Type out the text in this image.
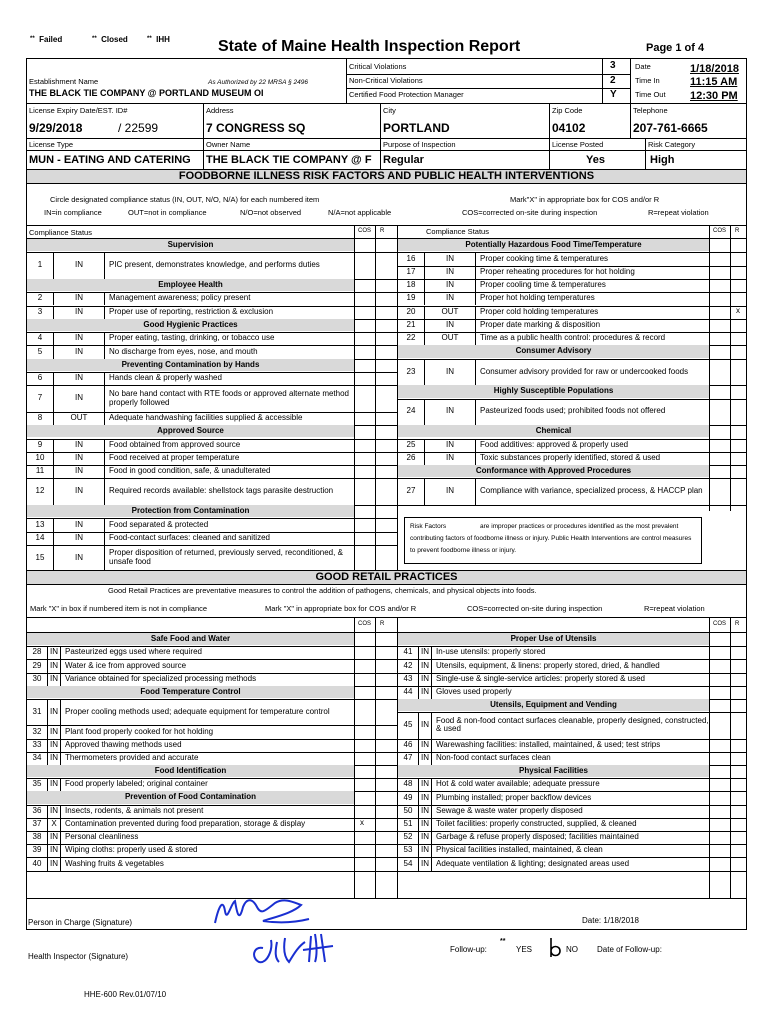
** Failed	** Closed	** IHH	State of Maine Health Inspection Report	Page 1 of 4
Critical Violations	3
Non-Critical Violations	2
Certified Food Protection Manager	Y
Date	1/18/2018
Time In	11:15 AM
Time Out 12:30 PM
Establishment Name	As Authorized by 22 MRSA § 2496
THE BLACK TIE COMPANY @ PORTLAND MUSEUM OI
License Expiry Date/EST. ID#
9/29/2018	/ 22599
Address
7 CONGRESS SQ
City
PORTLAND
Zip Code
04102
Telephone
207-761-6665
License Type
MUN - EATING AND CATERING
Owner Name
THE BLACK TIE COMPANY @ F
Purpose of Inspection
Regular
License Posted
Yes
Risk Category
High
FOODBORNE ILLNESS RISK FACTORS AND PUBLIC HEALTH INTERVENTIONS
Circle designated compliance status (IN, OUT, N/O, N/A) for each numbered item	Mark"X" in appropriate box for COS and/or R
IN=in compliance	OUT=not in compliance	N/O=not observed	N/A=not applicable	COS=corrected on-site during inspection	R=repeat violation
Compliance Status	COS R	Compliance Status	COS R
Supervision
1	IN	PIC present, demonstrates knowledge, and performs duties
Employee Health
2	IN	Management awareness; policy present
3	IN	Proper use of reporting, restriction & exclusion
Good Hygienic Practices
4	IN	Proper eating, tasting, drinking, or tobacco use
5	IN	No discharge from eyes, nose, and mouth
Preventing Contamination by Hands
6	IN	Hands clean & properly washed
7	IN	No bare hand contact with RTE foods or approved alternate method properly followed
8	OUT	Adequate handwashing facilities supplied & accessible
Approved Source
9	IN	Food obtained from approved source
10	IN	Food received at proper temperature
11	IN	Food in good condition, safe, & unadulterated
12	IN	Required records available: shellstock tags parasite destruction
Protection from Contamination
13	IN	Food separated & protected
14	IN	Food-contact surfaces: cleaned and sanitized
15	IN	Proper disposition of returned, previously served, reconditioned, & unsafe food
Potentially Hazardous Food Time/Temperature
16	IN	Proper cooking time & temperatures
17	IN	Proper reheating procedures for hot holding
18	IN	Proper cooling time & temperatures
19	IN	Proper hot holding temperatures
20	OUT	Proper cold holding temperatures	x
21	IN	Proper date marking & disposition
22	OUT	Time as a public health control: procedures & record
Consumer Advisory
23	IN	Consumer advisory provided for raw or undercooked foods
Highly Susceptible Populations
24	IN	Pasteurized foods used; prohibited foods not offered
Chemical
25	IN	Food additives: approved & properly used
26	IN	Toxic substances properly identified, stored & used
Conformance with Approved Procedures
27	IN	Compliance with variance, specialized process, & HACCP plan
Risk Factors	are improper practices or procedures identified as the most prevalent contributing factors of foodborne illness or injury. Public Health Interventions are control measures to prevent foodborne illness or injury.
GOOD RETAIL PRACTICES
Good Retail Practices are preventative measures to control the addition of pathogens, chemicals, and physical objects into foods.
Mark "X" in box if numbered item is not in compliance	Mark "X" in appropriate box for COS and/or R	COS=corrected on-site during inspection	R=repeat violation
COS R	COS R
Safe Food and Water
28	IN Pasteurized eggs used where required
29	IN Water & ice from approved source
30	IN Variance obtained for specialized processing methods
Food Temperature Control
31	IN Proper cooling methods used; adequate equipment for temperature control
32	IN Plant food properly cooked for hot holding
33	IN Approved thawing methods used
34	IN Thermometers provided and accurate
Food Identification
35	IN Food properly labeled; original container
Prevention of Food Contamination
36	IN Insects, rodents, & animals not present
37	X	Contamination prevented during food preparation, storage & display	x
38	IN Personal cleanliness
39	IN Wiping cloths: properly used & stored
40	IN Washing fruits & vegetables
Proper Use of Utensils
41	IN In-use utensils: properly stored
42	IN Utensils, equipment, & linens: properly stored, dried, & handled
43	IN Single-use & single-service articles: properly stored & used
44	IN Gloves used properly
Utensils, Equipment and Vending
45	IN Food & non-food contact surfaces cleanable, properly designed, constructed, & used
46	IN Warewashing facilities: installed, maintained, & used; test strips
47	IN Non-food contact surfaces clean
Physical Facilities
48	IN Hot & cold water available; adequate pressure
49	IN Plumbing installed; proper backflow devices
50	IN Sewage & waste water properly disposed
51	IN Toilet facilities: properly constructed, supplied, & cleaned
52	IN Garbage & refuse properly disposed; facilities maintained
53	IN Physical facilities installed, maintained, & clean
54	IN Adequate ventilation & lighting; designated areas used
Person in Charge (Signature)
Health Inspector (Signature)
Date: 1/18/2018
Follow-up:
**
YES	NO Date of Follow-up:
HHE-600 Rev.01/07/10
